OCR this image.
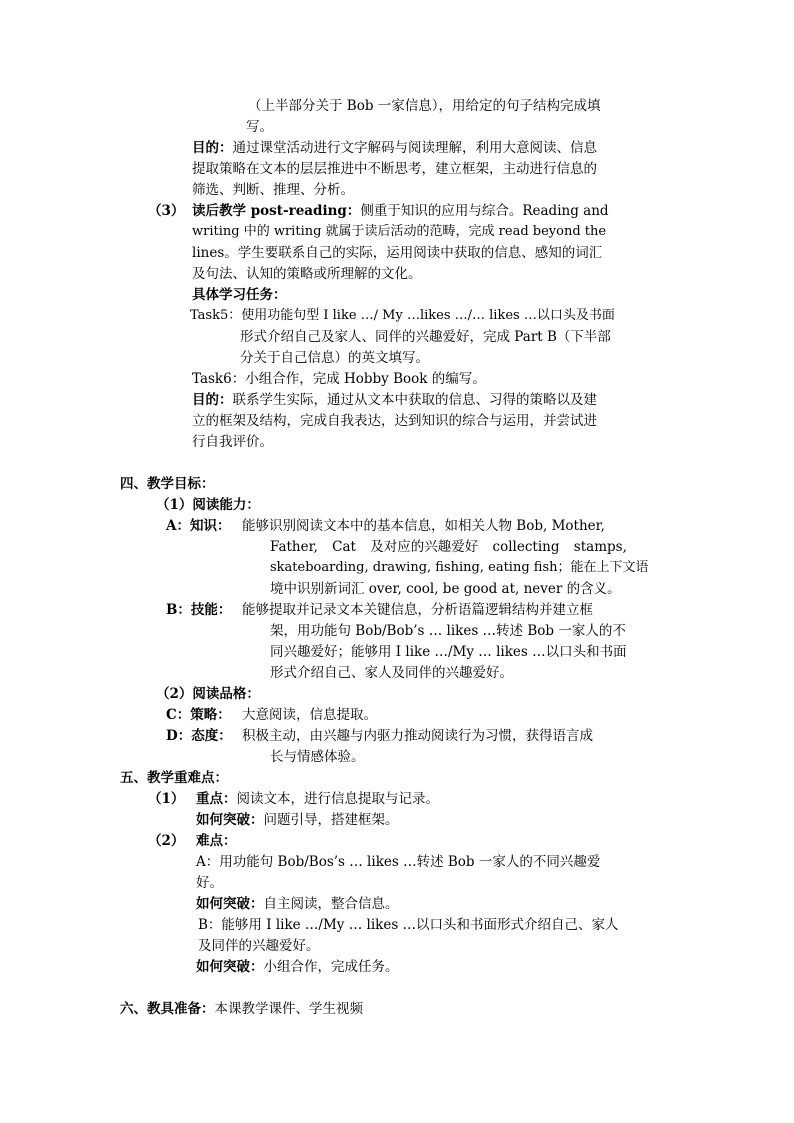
（上半部分关于 Bob 一家信息），用给定的句子结构完成填
写。
目的：通过课堂活动进行文字解码与阅读理解，利用大意阅读、信息
提取策略在文本的层层推进中不断思考，建立框架，主动进行信息的
筛选、判断、推理、分析。
（3） 读后教学 post-reading：侧重于知识的应用与综合。Reading and
writing 中的 writing 就属于读后活动的范畴，完成 read beyond the
lines。学生要联系自己的实际，运用阅读中获取的信息、感知的词汇
及句法、认知的策略或所理解的文化。
具体学习任务：
Task5：使用功能句型 I like …/ My …likes …/… likes …以口头及书面
形式介绍自己及家人、同伴的兴趣爱好，完成 Part B（下半部
分关于自己信息）的英文填写。
Task6：小组合作，完成 Hobby Book 的编写。
目的：联系学生实际，通过从文本中获取的信息、习得的策略以及建
立的框架及结构，完成自我表达，达到知识的综合与运用，并尝试进
行自我评价。
四、教学目标：
（1）阅读能力：
A：知识： 能够识别阅读文本中的基本信息，如相关人物 Bob, Mother,
Father, Cat 及对应的兴趣爱好 collecting stamps,
skateboarding, drawing, fishing, eating fish；能在上下文语
境中识别新词汇 over, cool, be good at, never 的含义。
B：技能： 能够提取并记录文本关键信息，分析语篇逻辑结构并建立框
架，用功能句 Bob/Bob’s … likes …转述 Bob 一家人的不
同兴趣爱好；能够用 I like …/My … likes …以口头和书面
形式介绍自己、家人及同伴的兴趣爱好。
（2）阅读品格：
C：策略： 大意阅读，信息提取。
D：态度： 积极主动，由兴趣与内驱力推动阅读行为习惯，获得语言成
长与情感体验。
五、教学重难点：
（1） 重点：阅读文本，进行信息提取与记录。
如何突破：问题引导，搭建框架。
（2） 难点：
A：用功能句 Bob/Bos’s … likes …转述 Bob 一家人的不同兴趣爱
好。
如何突破：自主阅读，整合信息。
B：能够用 I like …/My … likes …以口头和书面形式介绍自己、家人
及同伴的兴趣爱好。
如何突破：小组合作，完成任务。
六、教具准备：本课教学课件、学生视频
